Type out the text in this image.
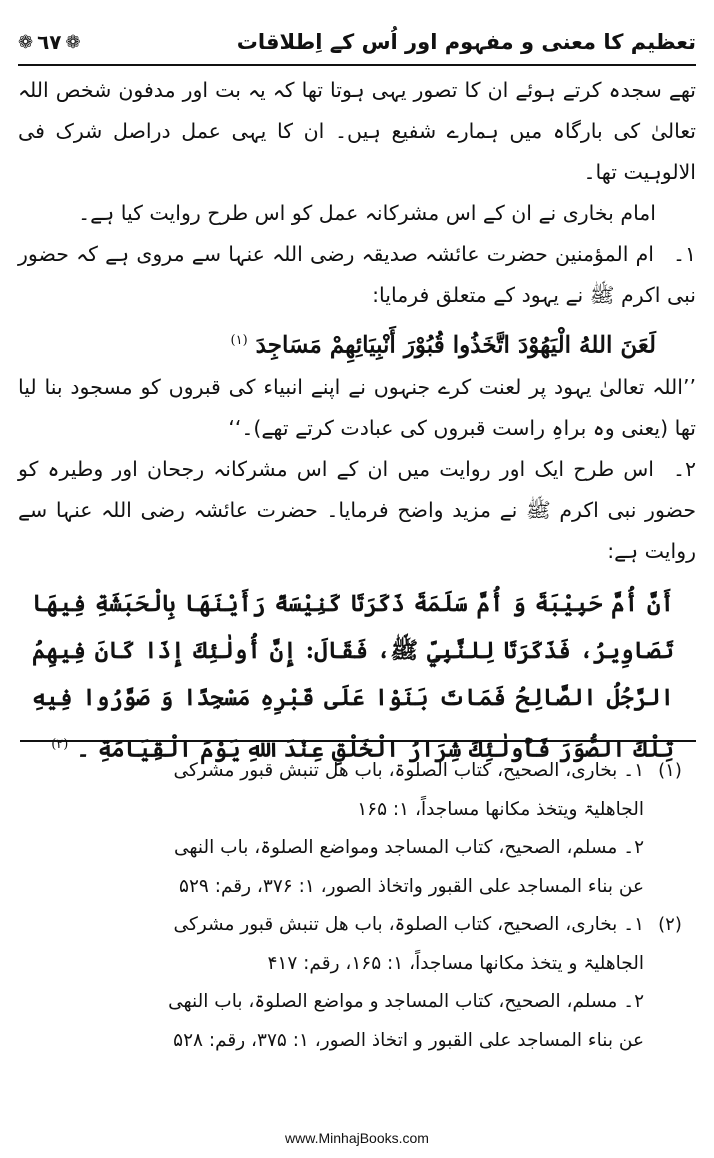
❁
٦٧
❁	تعظیم کا معنی و مفہوم اور اُس کے اِطلاقات

تھے سجدہ کرتے ہوئے ان کا تصور یہی ہوتا تھا کہ یہ بت اور مدفون شخص اللہ تعالیٰ کی بارگاہ میں ہمارے شفیع ہیں۔ ان کا یہی عمل دراصل شرک فی الالوہیت تھا۔

امام بخاری نے ان کے اس مشرکانہ عمل کو اس طرح روایت کیا ہے۔

۱۔ام المؤمنین حضرت عائشہ صدیقہ رضی اللہ عنہا سے مروی ہے کہ حضور نبی اکرم ﷺ نے یہود کے متعلق فرمایا:

لَعَنَ اللهُ الْيَهُوْدَ اتَّخَذُوا قُبُوْرَ أَنْبِيَائِهِمْ مَسَاجِدَ $^{(۱)}$

’’اللہ تعالیٰ یہود پر لعنت کرے جنہوں نے اپنے انبیاء کی قبروں کو مسجود بنا لیا تھا (یعنی وہ براہِ راست قبروں کی عبادت کرتے تھے)۔‘‘

۲۔اس طرح ایک اور روایت میں ان کے اس مشرکانہ رجحان اور وطیرہ کو حضور نبی اکرم ﷺ نے مزید واضح فرمایا۔ حضرت عائشہ رضی اللہ عنہا سے روایت ہے:

أَنَّ أُمَّ حَبِيْبَةَ وَ أُمَّ سَلَمَةَ ذَكَرَتَا كَنِيْسَةً رَأَيْنَهَا بِالْحَبَشَةِ فِيهَا تَصَاوِيرُ، فَذَكَرَتَا لِلنَّبِيِّ ﷺ، فَقَالَ: إِنَّ أُولٰئِكَ إِذَا كَانَ فِيهِمُ الرَّجُلُ الصَّالِحُ فَمَاتَ بَنَوْا عَلَى قَبْرِهِ مَسْجِدًا وَ صَوَّرُوا فِيهِ تِلْكَ الصُّوَرَ فَأُولٰئِكَ شِرَارُ الْخَلْقِ عِنْدَ اللهِ يَوْمَ الْقِيَامَةِ ۔ $^{(۲)}$

(۱)

۱۔ بخاری، الصحیح، کتاب الصلوۃ، باب ھل تنبش قبور مشرکی

الجاھلیۃ ویتخذ مکانھا مساجداً، ۱: ۱۶۵

۲۔ مسلم، الصحیح، کتاب المساجد ومواضع الصلوۃ، باب النھی

عن بناء المساجد علی القبور واتخاذ الصور، ۱: ۳۷۶، رقم: ۵۲۹

(۲)

۱۔ بخاری، الصحیح، کتاب الصلوۃ، باب ھل تنبش قبور مشرکی

الجاھلیۃ و یتخذ مکانھا مساجداً، ۱: ۱۶۵، رقم: ۴۱۷

۲۔ مسلم، الصحیح، کتاب المساجد و مواضع الصلوۃ، باب النھی

عن بناء المساجد علی القبور و اتخاذ الصور، ۱: ۳۷۵، رقم: ۵۲۸

www.MinhajBooks.com
